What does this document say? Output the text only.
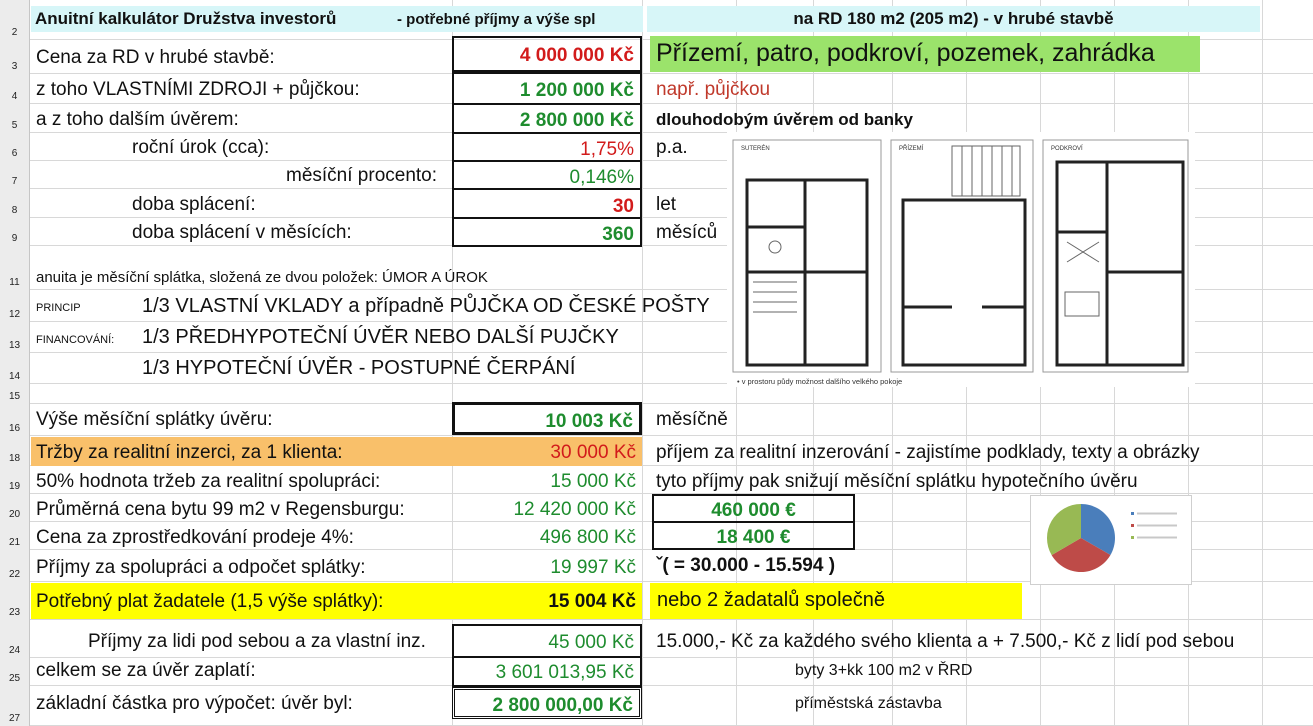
2
3
4
5
6
7
8
9
11
12
13
14
15
16
18
19
20
21
22
23
24
25
27
Anuitní kalkulátor Družstva investorů	- potřebné příjmy a výše spl	na RD 180 m2 (205 m2) - v hrubé stavbě
Cena za RD v hrubé stavbě:	4 000 000 Kč Přízemí, patro, podkroví, pozemek, zahrádka
z toho VLASTNÍMI ZDROJI + půjčkou:	1 200 000 Kč	např. půjčkou
a z toho dalším úvěrem:	2 800 000 Kč	dlouhodobým úvěrem od banky
roční úrok (cca):	1,75%	p.a.
měsíční procento:	0,146%
doba splácení:	30	let
doba splácení v měsících:	360	měsíců
anuita je měsíční splátka, složená ze dvou položek: ÚMOR A ÚROK
PRINCIP	1/3 VLASTNÍ VKLADY a případně PŮJČKA OD ČESKÉ POŠTY
FINANCOVÁNÍ: 1/3 PŘEDHYPOTEČNÍ ÚVĚR NEBO DALŠÍ PUJČKY
1/3 HYPOTEČNÍ ÚVĚR - POSTUPNÉ ČERPÁNÍ
Výše měsíční splátky úvěru:	10 003 Kč	měsíčně
Tržby za realitní inzerci, za 1 klienta:	30 000 Kč	příjem za realitní inzerování - zajistíme podklady, texty a obrázky
50% hodnota tržeb za realitní spolupráci:	15 000 Kč	tyto příjmy pak snižují měsíční splátku hypotečního úvěru
Průměrná cena bytu 99 m2 v Regensburgu:	12 420 000 Kč	460 000 €
Cena za zprostředkování prodeje 4%:	496 800 Kč	18 400 €
Příjmy za spolupráci a odpočet splátky:	19 997 Kč	ˇ( = 30.000 - 15.594 )
Potřebný plat žadatele (1,5 výše splátky):	15 004 Kč	nebo 2 žadatalů společně
Příjmy za lidi pod sebou a za vlastní inz.	45 000 Kč	15.000,- Kč za každého svého klienta a + 7.500,- Kč z lidí pod sebou
celkem se za úvěr zaplatí:	3 601 013,95 Kč	byty 3+kk 100 m2 v ŘRD
základní částka pro výpočet: úvěr byl:	2 800 000,00 Kč	příměstská zástavba
SUTERÉN	PŘÍZEMÍ	PODKROVÍ
• v prostoru půdy možnost dalšího velkého pokoje
